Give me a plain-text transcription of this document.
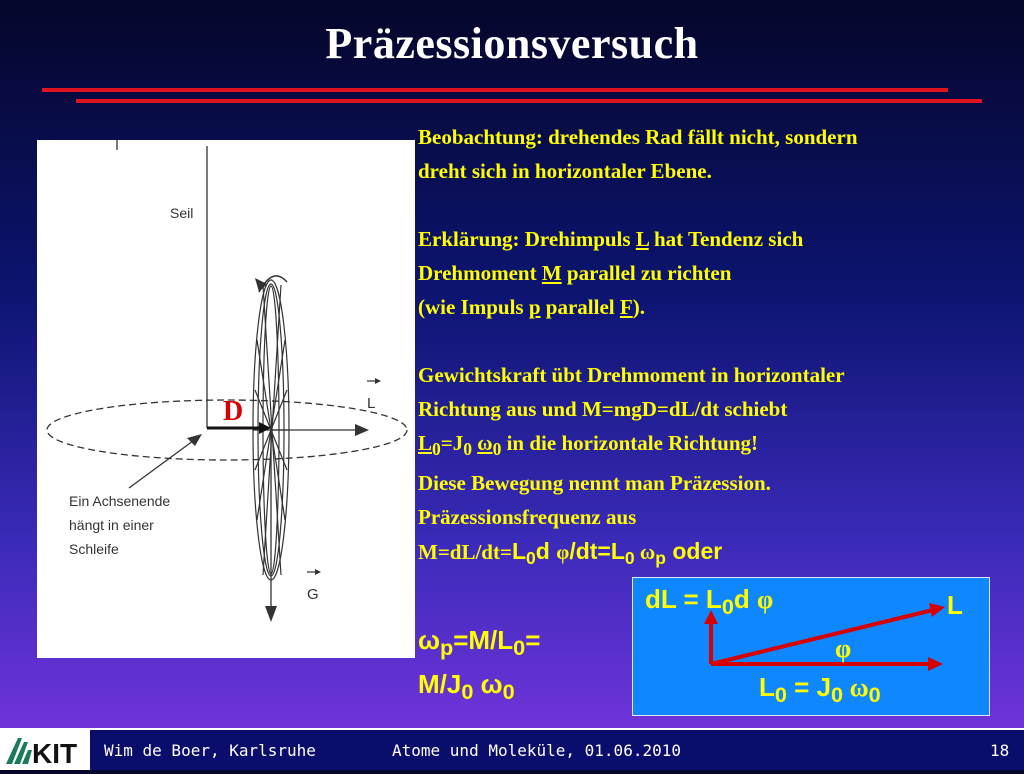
Präzessionsversuch
Seil
L
D
G
Ein Achsenende
hängt in einer
Schleife

Beobachtung: drehendes Rad fällt nicht, sondern

dreht sich in horizontaler Ebene.

Erklärung: Drehimpuls L hat Tendenz sich

Drehmoment M parallel zu richten

(wie Impuls p parallel F).

Gewichtskraft übt Drehmoment in horizontaler

Richtung aus und M=mgD=dL/dt schiebt

$L_0=J_0$ $\omega_0$ in die horizontale Richtung!

Diese Bewegung nennt man Präzession.

Präzessionsfrequenz aus

$M=dL/dt=L_0d$ $\varphi/dt=L_0$ $\omega_p$ oder

$\omega_p=M/L_0=$
$M/J_0$ $\omega_0$
dL = $L_0d$ φ	L
φ
$L_0 = J_0$ $\omega_0$
KIT Wim de Boer, Karlsruhe	Atome und Moleküle, 01.06.2010	18
